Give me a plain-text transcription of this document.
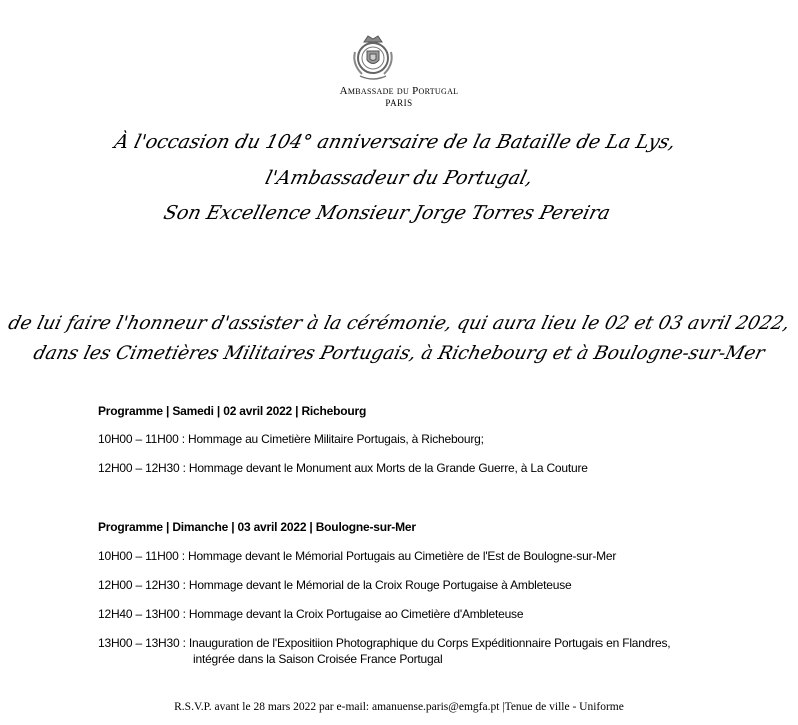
Ambassade du Portugal
PARIS
À l'occasion du 104° anniversaire de la Bataille de La Lys,
l'Ambassadeur du Portugal,
Son Excellence Monsieur Jorge Torres Pereira
de lui faire l'honneur d'assister à la cérémonie, qui aura lieu le 02 et 03 avril 2022,
dans les Cimetières Militaires Portugais, à Richebourg et à Boulogne-sur-Mer
Programme | Samedi | 02 avril 2022 | Richebourg
10H00 – 11H00 : Hommage au Cimetière Militaire Portugais, à Richebourg;
12H00 – 12H30 : Hommage devant le Monument aux Morts de la Grande Guerre, à La Couture
Programme | Dimanche | 03 avril 2022 | Boulogne-sur-Mer
10H00 – 11H00 : Hommage devant le Mémorial Portugais au Cimetière de l'Est de Boulogne-sur-Mer
12H00 – 12H30 : Hommage devant le Mémorial de la Croix Rouge Portugaise à Ambleteuse
12H40 – 13H00 : Hommage devant la Croix Portugaise ao Cimetière d'Ambleteuse
13H00 – 13H30 : Inauguration de l'Expositiion Photographique du Corps Expéditionnaire Portugais en Flandres,
intégrée dans la Saison Croisée France Portugal
R.S.V.P. avant le 28 mars 2022 par e-mail: amanuense.paris@emgfa.pt |Tenue de ville - Uniforme
